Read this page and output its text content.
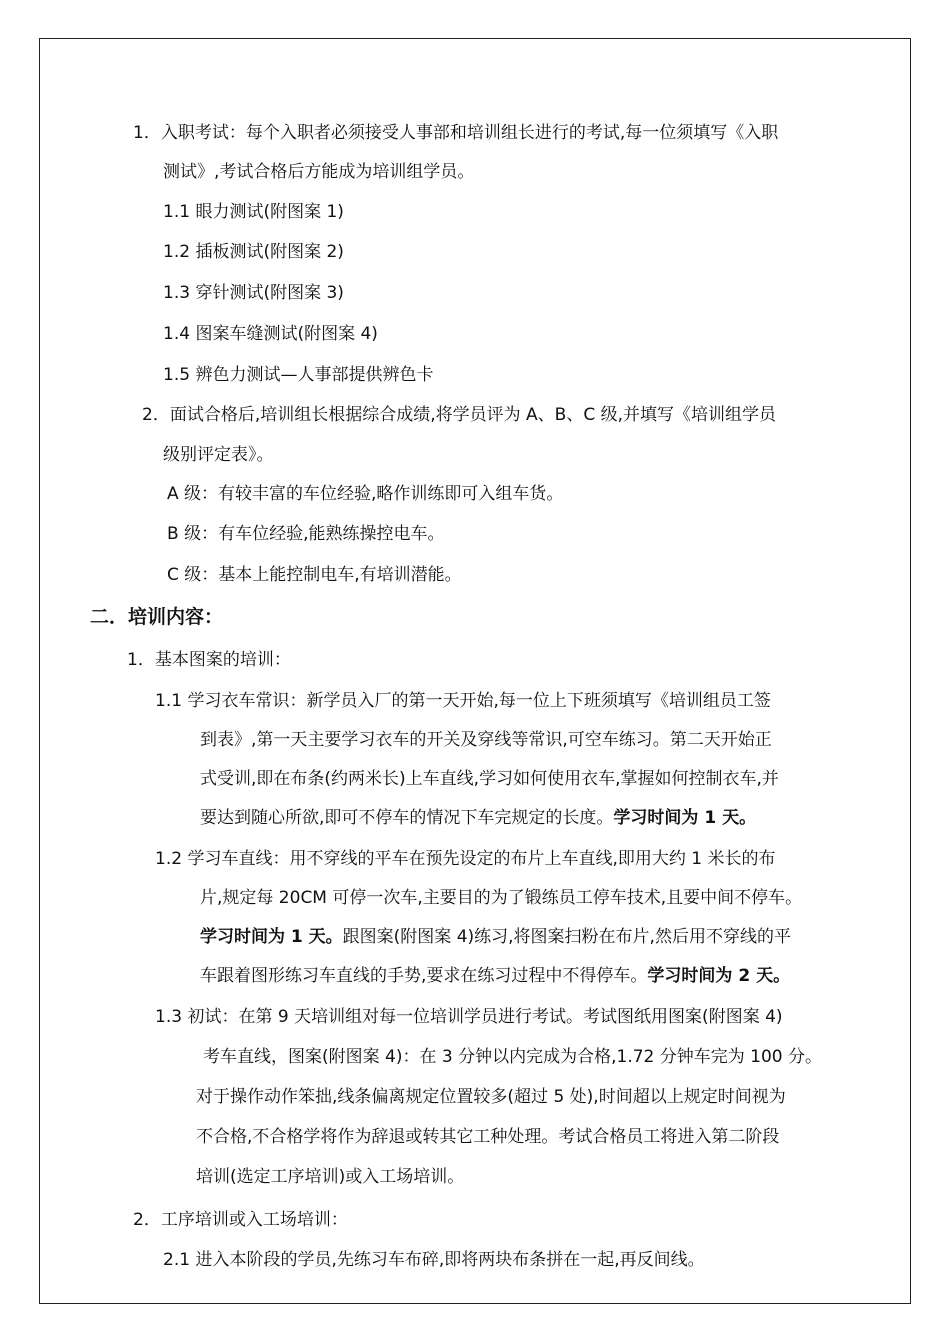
1．入职考试：每个入职者必须接受人事部和培训组长进行的考试,每一位须填写《入职
测试》,考试合格后方能成为培训组学员。
1.1 眼力测试(附图案 1)
1.2 插板测试(附图案 2)
1.3 穿针测试(附图案 3)
1.4 图案车缝测试(附图案 4)
1.5 辨色力测试—人事部提供辨色卡
2．面试合格后,培训组长根据综合成绩,将学员评为 A、B、C 级,并填写《培训组学员
级别评定表》。
A 级：有较丰富的车位经验,略作训练即可入组车货。
B 级：有车位经验,能熟练操控电车。
C 级：基本上能控制电车,有培训潜能。
二．培训内容：
1．基本图案的培训：
1.1 学习衣车常识：新学员入厂的第一天开始,每一位上下班须填写《培训组员工签
到表》,第一天主要学习衣车的开关及穿线等常识,可空车练习。第二天开始正
式受训,即在布条(约两米长)上车直线,学习如何使用衣车,掌握如何控制衣车,并
要达到随心所欲,即可不停车的情况下车完规定的长度。学习时间为 1 天。
1.2 学习车直线：用不穿线的平车在预先设定的布片上车直线,即用大约 1 米长的布
片,规定每 20CM 可停一次车,主要目的为了锻练员工停车技术,且要中间不停车。
学习时间为 1 天。跟图案(附图案 4)练习,将图案扫粉在布片,然后用不穿线的平
车跟着图形练习车直线的手势,要求在练习过程中不得停车。学习时间为 2 天。
1.3 初试：在第 9 天培训组对每一位培训学员进行考试。考试图纸用图案(附图案 4)
考车直线，图案(附图案 4)：在 3 分钟以内完成为合格,1.72 分钟车完为 100 分。
对于操作动作笨拙,线条偏离规定位置较多(超过 5 处),时间超以上规定时间视为
不合格,不合格学将作为辞退或转其它工种处理。考试合格员工将进入第二阶段
培训(选定工序培训)或入工场培训。
2．工序培训或入工场培训：
2.1 进入本阶段的学员,先练习车布碎,即将两块布条拼在一起,再反间线。
